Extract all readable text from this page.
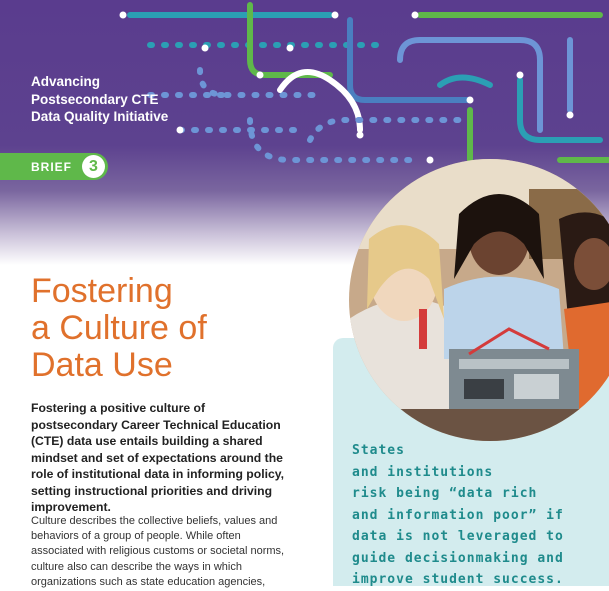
Advancing Postsecondary CTE Data Quality Initiative
BRIEF	3
Fostering
a Culture of
Data Use
Fostering a positive culture of postsecondary Career Technical Education (CTE) data use entails building a shared mindset and set of expectations around the role of institutional data in informing policy, setting instructional priorities and driving improvement.
Culture describes the collective beliefs, values and behaviors of a group of people. While often associated with religious customs or societal norms, culture also can describe the ways in which organizations such as state education agencies,
States
and institutions
risk being “data rich
and information poor” if
data is not leveraged to
guide decisionmaking and
improve student success.
